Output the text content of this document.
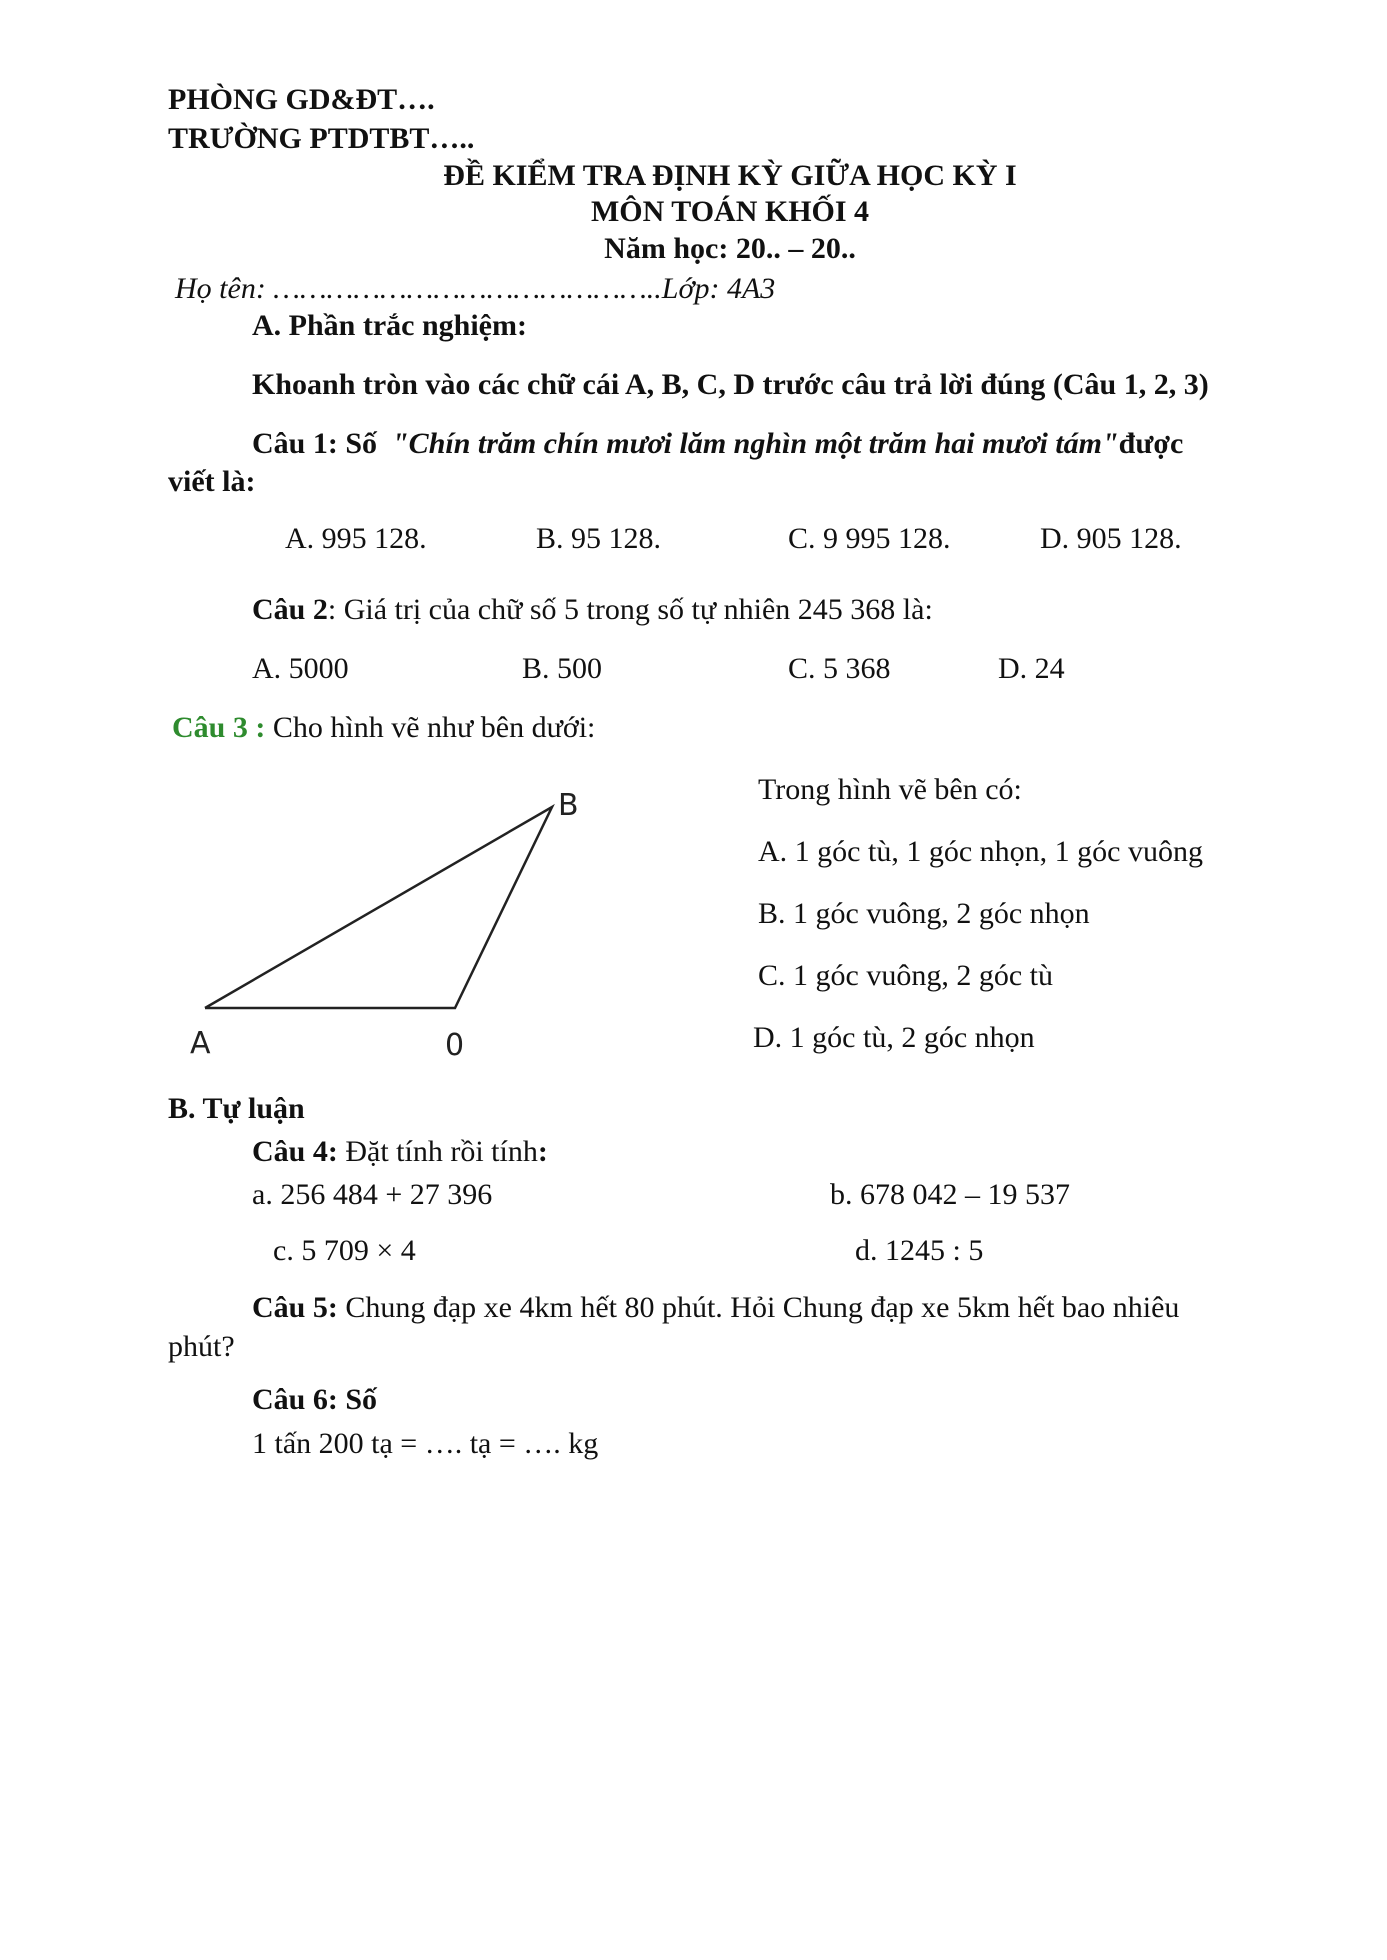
PHÒNG GD&ĐT….
TRƯỜNG PTDTBT…..
ĐỀ KIỂM TRA ĐỊNH KỲ GIỮA HỌC KỲ I
MÔN TOÁN KHỐI 4
Năm học: 20.. – 20..
Họ tên: ……………………………………..Lớp: 4A3
A. Phần trắc nghiệm:
Khoanh tròn vào các chữ cái A, B, C, D trước câu trả lời đúng (Câu 1, 2, 3)
Câu 1: Số "Chín trăm chín mươi lăm nghìn một trăm hai mươi tám"được
viết là:
A. 995 128.	B. 95 128.	C. 9 995 128.	D. 905 128.
Câu 2: Giá trị của chữ số 5 trong số tự nhiên 245 368 là:
A. 5000	B. 500	C. 5 368	D. 24
Câu 3 : Cho hình vẽ như bên dưới:
B
A	0
Trong hình vẽ bên có:
A. 1 góc tù, 1 góc nhọn, 1 góc vuông
B. 1 góc vuông, 2 góc nhọn
C. 1 góc vuông, 2 góc tù
D. 1 góc tù, 2 góc nhọn
B. Tự luận
Câu 4: Đặt tính rồi tính:
a. 256 484 + 27 396	b. 678 042 – 19 537
c. 5 709 × 4	d. 1245 : 5
Câu 5: Chung đạp xe 4km hết 80 phút. Hỏi Chung đạp xe 5km hết bao nhiêu
phút?
Câu 6: Số
1 tấn 200 tạ = …. tạ = …. kg
